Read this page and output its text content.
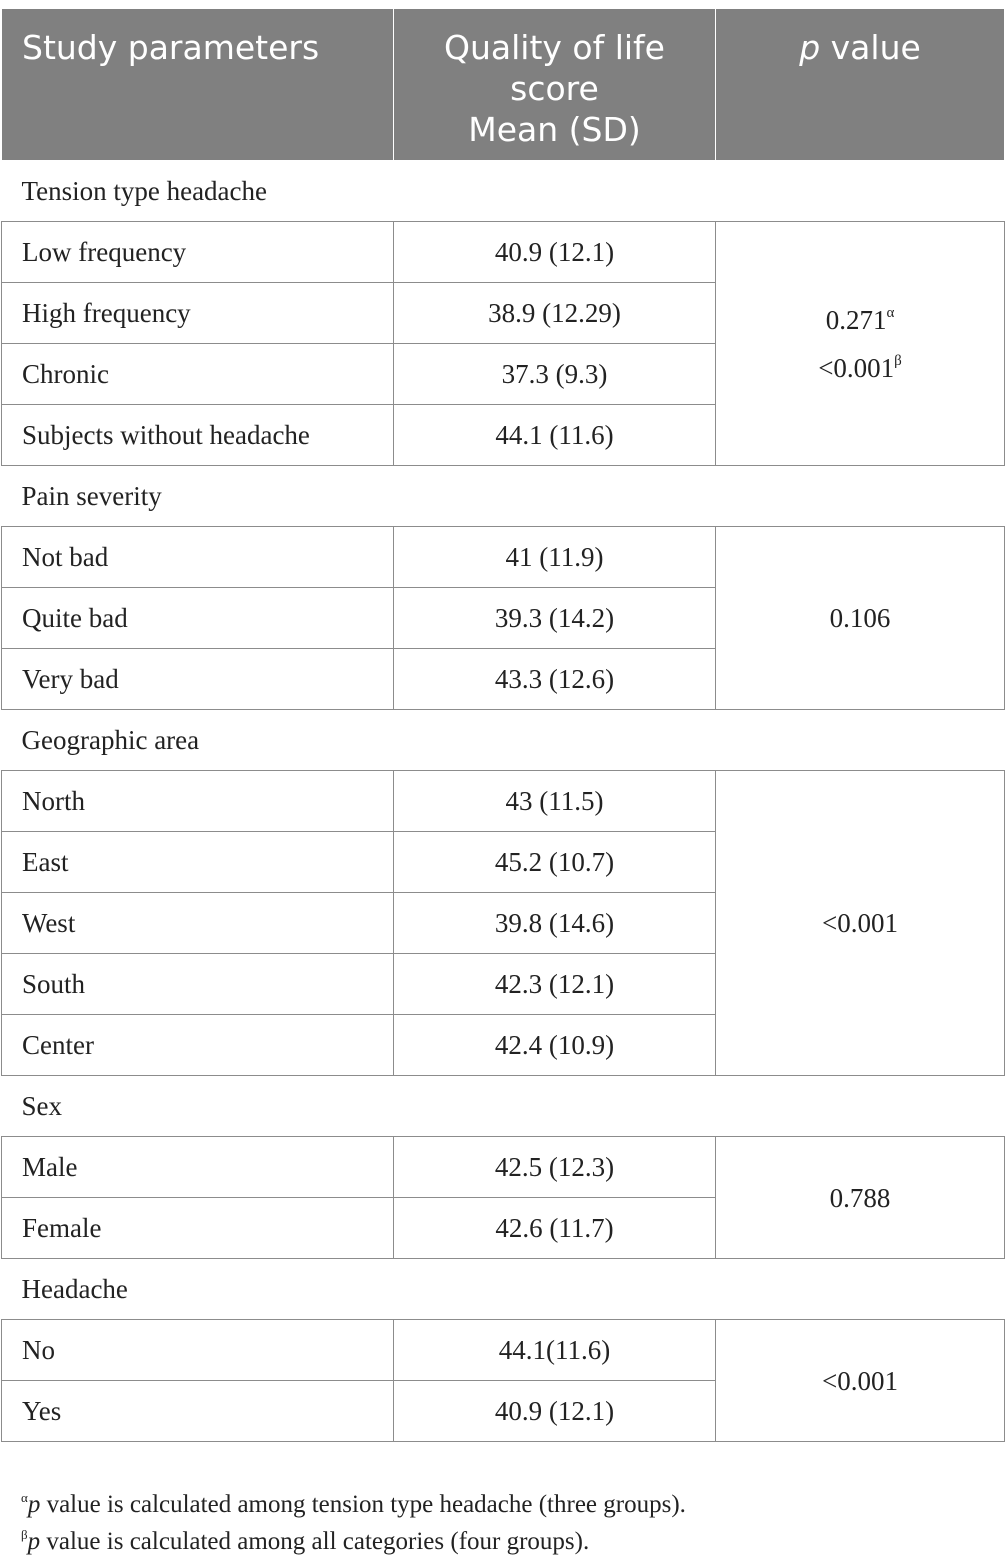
Study parameters	Quality of life
score
Mean (SD)	p value
Tension type headache		
Low frequency	40.9 (12.1)	$0.271^\alpha$
$<0.001^\beta$
High frequency	38.9 (12.29)	
Chronic	37.3 (9.3)	
Subjects without headache	44.1 (11.6)	
Pain severity		
Not bad	41 (11.9)	0.106
Quite bad	39.3 (14.2)	
Very bad	43.3 (12.6)	
Geographic area		
North	43 (11.5)	<0.001
East	45.2 (10.7)	
West	39.8 (14.6)	
South	42.3 (12.1)	
Center	42.4 (10.9)	
Sex		
Male	42.5 (12.3)	0.788
Female	42.6 (11.7)	
Headache		
No	44.1(11.6)	<0.001
Yes	40.9 (12.1)	
$^\alpha$p value is calculated among tension type headache (three groups).
$^\beta$p value is calculated among all categories (four groups).
